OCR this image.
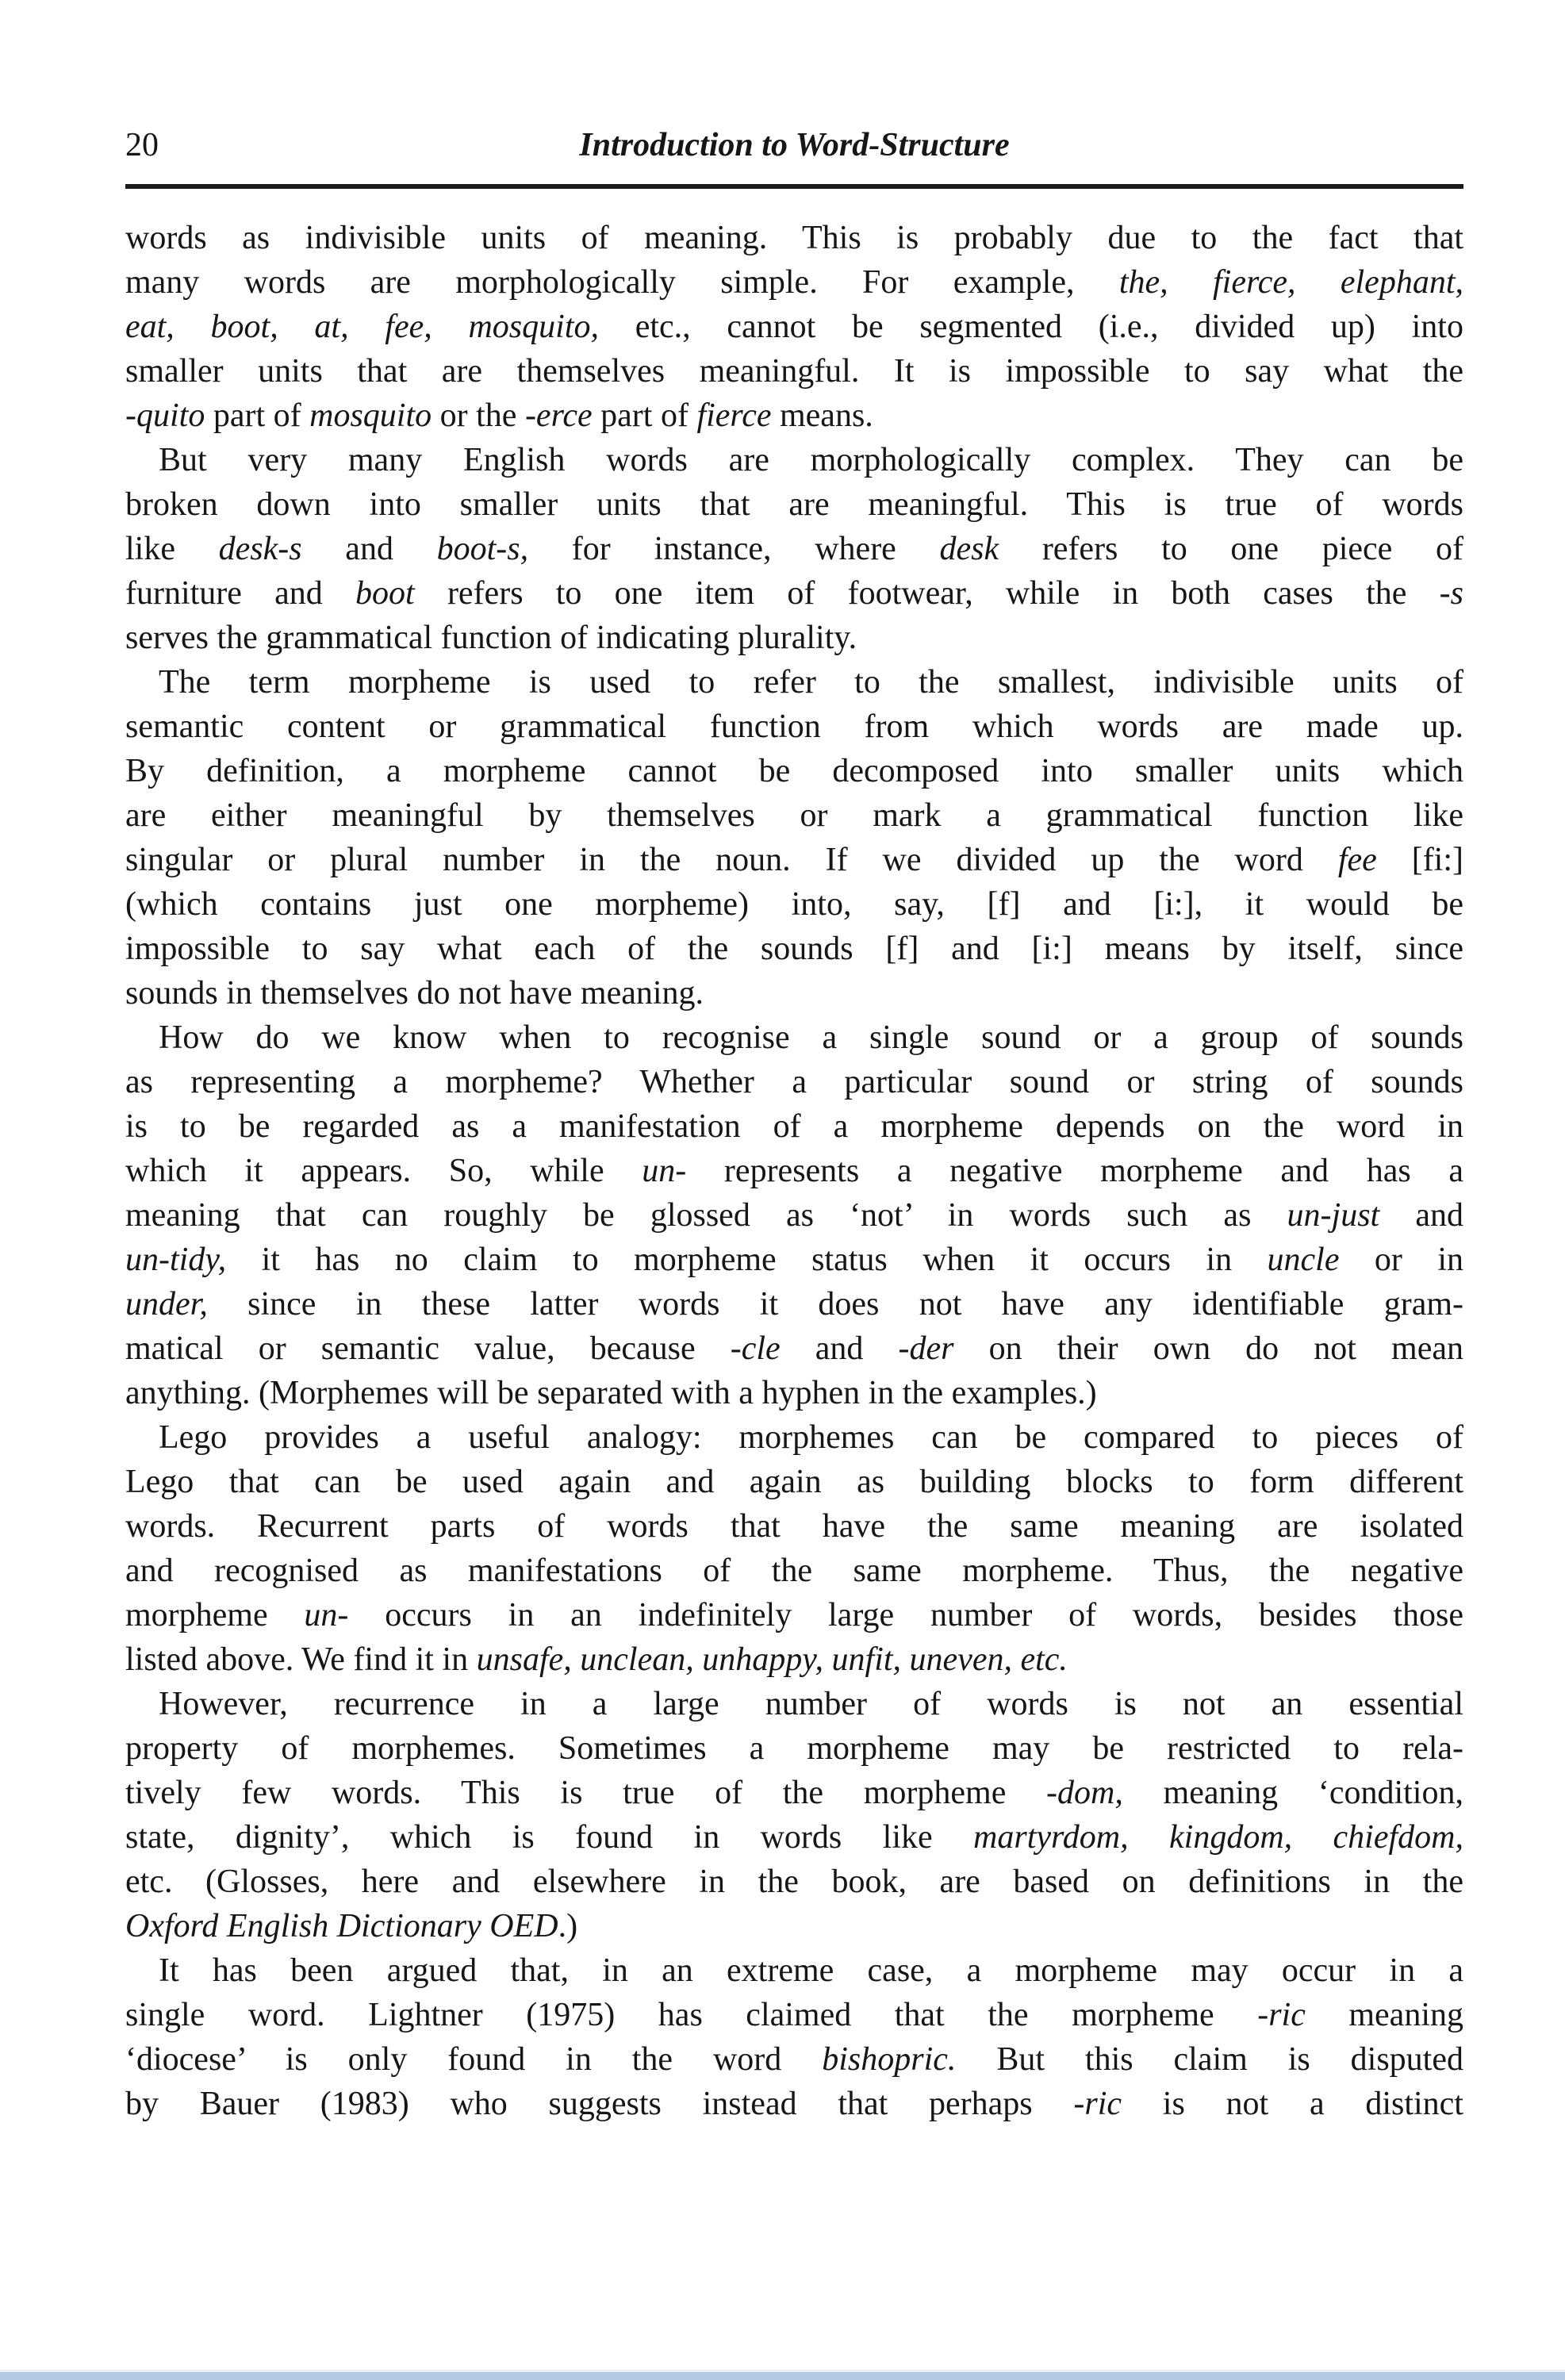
20	Introduction to Word-Structure
words as indivisible units of meaning. This is probably due to the fact that
many words are morphologically simple. For example, the, fierce, elephant,
eat, boot, at, fee, mosquito, etc., cannot be segmented (i.e., divided up) into
smaller units that are themselves meaningful. It is impossible to say what the
-quito part of mosquito or the -erce part of fierce means.
But very many English words are morphologically complex. They can be
broken down into smaller units that are meaningful. This is true of words
like desk-s and boot-s, for instance, where desk refers to one piece of
furniture and boot refers to one item of footwear, while in both cases the -s
serves the grammatical function of indicating plurality.
The term morpheme is used to refer to the smallest, indivisible units of
semantic content or grammatical function from which words are made up.
By definition, a morpheme cannot be decomposed into smaller units which
are either meaningful by themselves or mark a grammatical function like
singular or plural number in the noun. If we divided up the word fee [fi:]
(which contains just one morpheme) into, say, [f] and [i:], it would be
impossible to say what each of the sounds [f] and [i:] means by itself, since
sounds in themselves do not have meaning.
How do we know when to recognise a single sound or a group of sounds
as representing a morpheme? Whether a particular sound or string of sounds
is to be regarded as a manifestation of a morpheme depends on the word in
which it appears. So, while un- represents a negative morpheme and has a
meaning that can roughly be glossed as ‘not’ in words such as un-just and
un-tidy, it has no claim to morpheme status when it occurs in uncle or in
under, since in these latter words it does not have any identifiable gram-
matical or semantic value, because -cle and -der on their own do not mean
anything. (Morphemes will be separated with a hyphen in the examples.)
Lego provides a useful analogy: morphemes can be compared to pieces of
Lego that can be used again and again as building blocks to form different
words. Recurrent parts of words that have the same meaning are isolated
and recognised as manifestations of the same morpheme. Thus, the negative
morpheme un- occurs in an indefinitely large number of words, besides those
listed above. We find it in unsafe, unclean, unhappy, unfit, uneven, etc.
However, recurrence in a large number of words is not an essential
property of morphemes. Sometimes a morpheme may be restricted to rela-
tively few words. This is true of the morpheme -dom, meaning ‘condition,
state, dignity’, which is found in words like martyrdom, kingdom, chiefdom,
etc. (Glosses, here and elsewhere in the book, are based on definitions in the
Oxford English Dictionary OED.)
It has been argued that, in an extreme case, a morpheme may occur in a
single word. Lightner (1975) has claimed that the morpheme -ric meaning
‘diocese’ is only found in the word bishopric. But this claim is disputed
by Bauer (1983) who suggests instead that perhaps -ric is not a distinct
